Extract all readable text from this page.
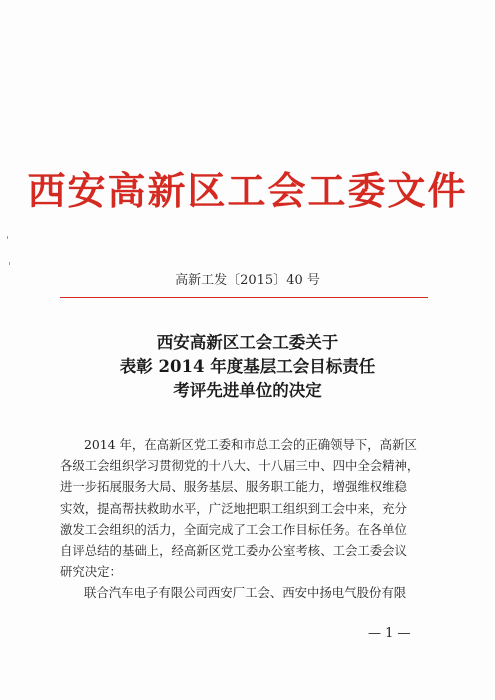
西安高新区工会工委文件
高新工发〔2015〕40 号
西安高新区工会工委关于
表彰 2014 年度基层工会目标责任
考评先进单位的决定
2014 年，在高新区党工委和市总工会的正确领导下，高新区
各级工会组织学习贯彻党的十八大、十八届三中、四中全会精神，
进一步拓展服务大局、服务基层、服务职工能力，增强维权维稳
实效，提高帮扶救助水平，广泛地把职工组织到工会中来，充分
激发工会组织的活力，全面完成了工会工作目标任务。在各单位
自评总结的基础上，经高新区党工委办公室考核、工会工委会议
研究决定：
联合汽车电子有限公司西安厂工会、西安中扬电气股份有限
— 1 —
